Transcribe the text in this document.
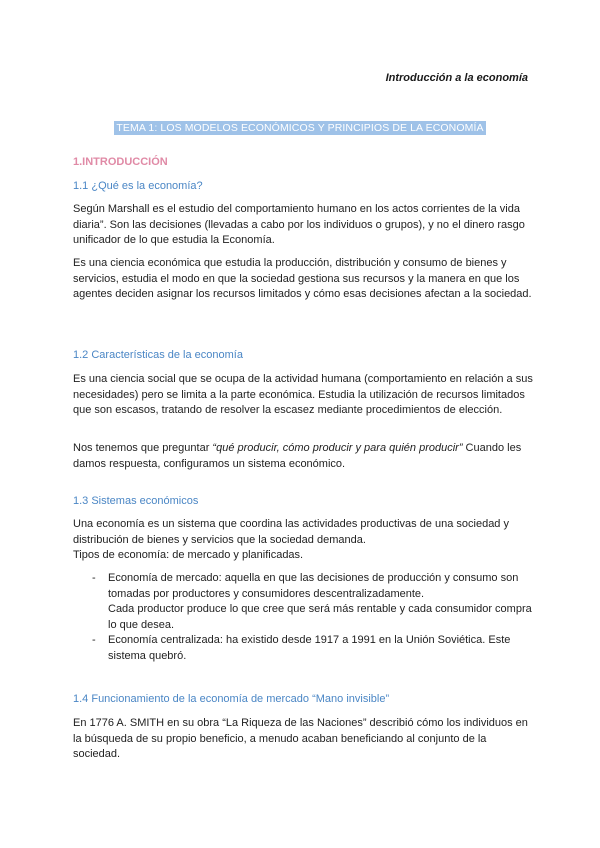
Introducción a la economía
TEMA 1: LOS MODELOS ECONÓMICOS Y PRINCIPIOS DE LA ECONOMÍA

1.INTRODUCCIÓN

1.1 ¿Qué es la economía?

Según Marshall es el estudio del comportamiento humano en los actos corrientes de la vida diaria”. Son las decisiones (llevadas a cabo por los individuos o grupos), y no el dinero rasgo unificador de lo que estudia la Economía.

Es una ciencia económica que estudia la producción, distribución y consumo de bienes y servicios, estudia el modo en que la sociedad gestiona sus recursos y la manera en que los agentes deciden asignar los recursos limitados y cómo esas decisiones afectan a la sociedad.

1.2 Características de la economía

Es una ciencia social que se ocupa de la actividad humana (comportamiento en relación a sus necesidades) pero se limita a la parte económica. Estudia la utilización de recursos limitados que son escasos, tratando de resolver la escasez mediante procedimientos de elección.

Nos tenemos que preguntar “qué producir, cómo producir y para quién producir” Cuando les damos respuesta, configuramos un sistema económico.

1.3 Sistemas económicos

Una economía es un sistema que coordina las actividades productivas de una sociedad y distribución de bienes y servicios que la sociedad demanda.

Tipos de economía: de mercado y planificadas.

- Economía de mercado: aquella en que las decisiones de producción y consumo son tomadas por productores y consumidores descentralizadamente.

Cada productor produce lo que cree que será más rentable y cada consumidor compra lo que desea.

- Economía centralizada: ha existido desde 1917 a 1991 en la Unión Soviética. Este sistema quebró.

1.4 Funcionamiento de la economía de mercado “Mano invisible”

En 1776 A. SMITH en su obra “La Riqueza de las Naciones” describió cómo los individuos en la búsqueda de su propio beneficio, a menudo acaban beneficiando al conjunto de la sociedad.
